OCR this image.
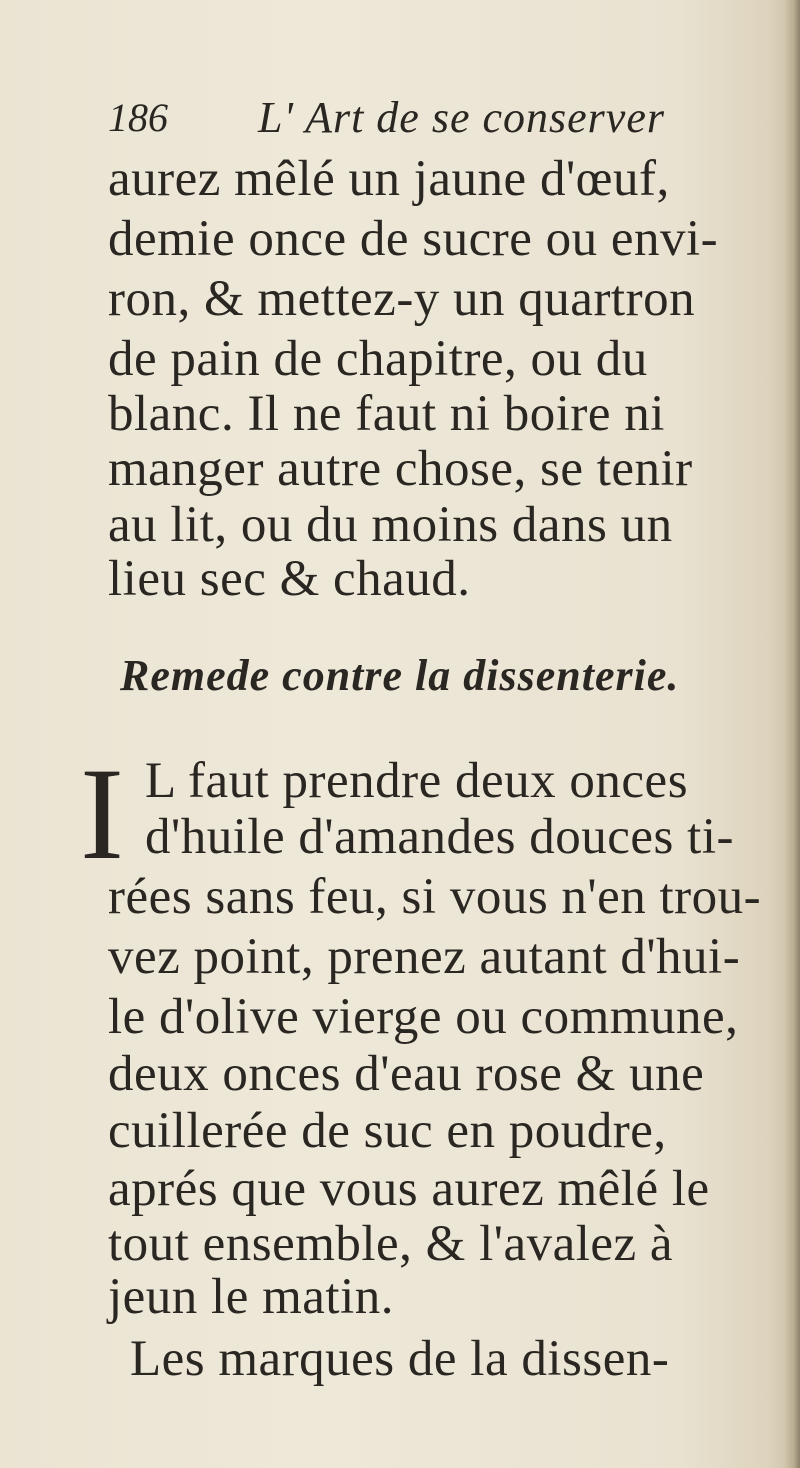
186 L' Art de se conserver
aurez mêlé un jaune d'œuf,
demie once de sucre ou envi-
ron, & mettez-y un quartron
de pain de chapitre, ou du
blanc. Il ne faut ni boire ni
manger autre chose, se tenir
au lit, ou du moins dans un
lieu sec & chaud.
Remede contre la dissenterie.
I L faut prendre deux onces
d'huile d'amandes douces ti-
rées sans feu, si vous n'en trou-
vez point, prenez autant d'hui-
le d'olive vierge ou commune,
deux onces d'eau rose & une
cuillerée de suc en poudre,
aprés que vous aurez mêlé le
tout ensemble, & l'avalez à
jeun le matin.
Les marques de la dissen-
